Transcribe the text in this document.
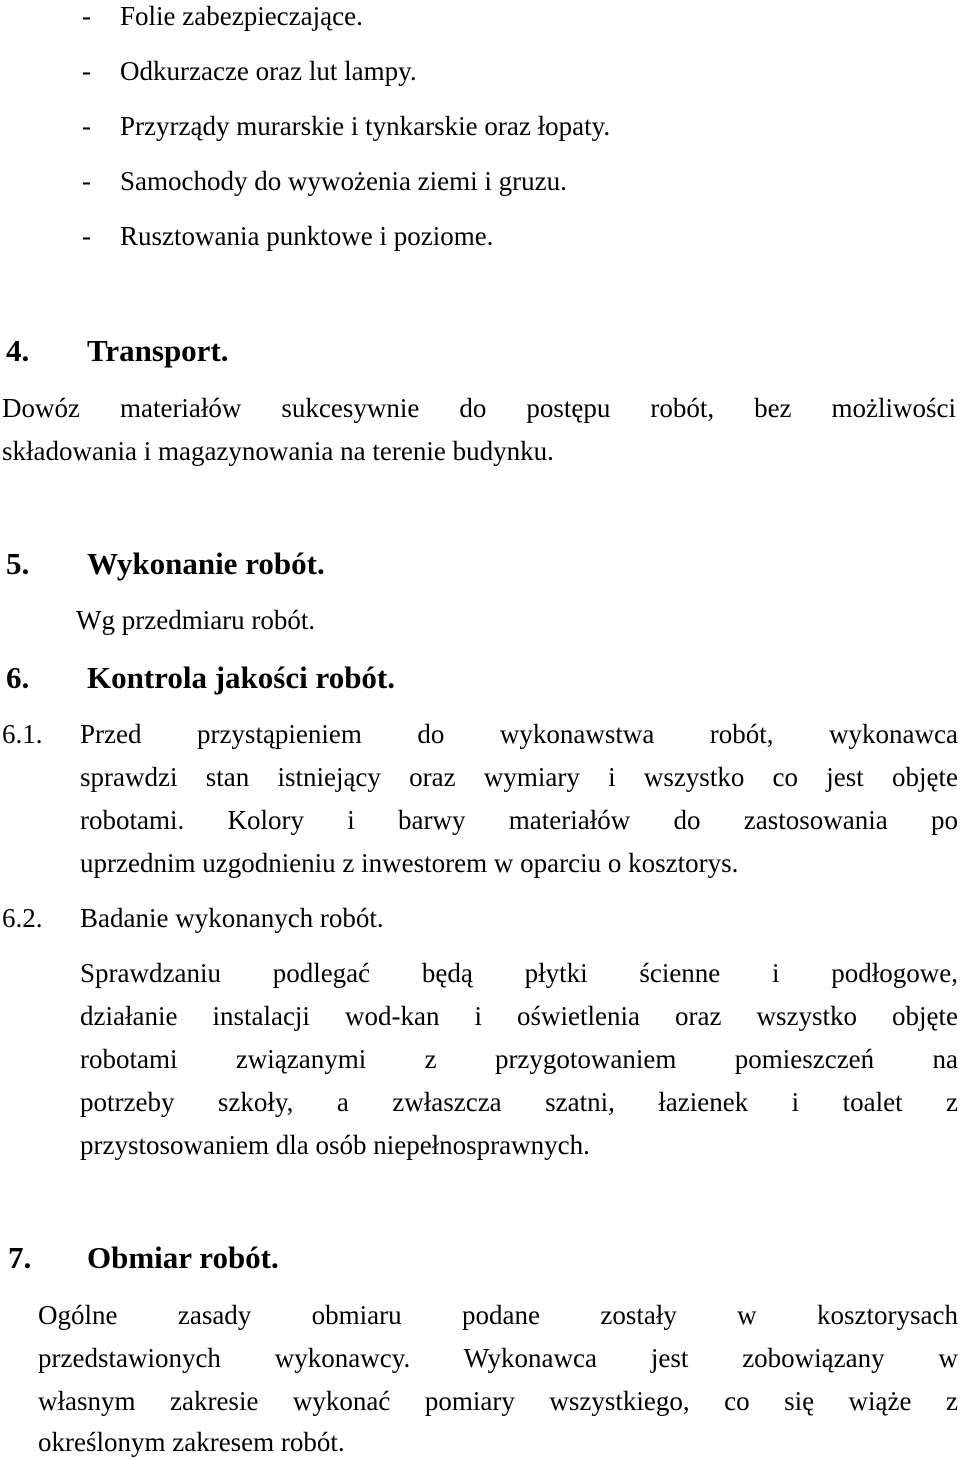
- Folie zabezpieczające.
- Odkurzacze oraz lut lampy.
- Przyrządy murarskie i tynkarskie oraz łopaty.
- Samochody do wywożenia ziemi i gruzu.
- Rusztowania punktowe i poziome.
4. Transport.
Dowóz materiałów sukcesywnie do postępu robót, bez możliwości
składowania i magazynowania na terenie budynku.
5. Wykonanie robót.
Wg przedmiaru robót.
6. Kontrola jakości robót.
6.1. Przed przystąpieniem do wykonawstwa robót, wykonawca
sprawdzi stan istniejący oraz wymiary i wszystko co jest objęte
robotami. Kolory i barwy materiałów do zastosowania po
uprzednim uzgodnieniu z inwestorem w oparciu o kosztorys.
6.2. Badanie wykonanych robót.
Sprawdzaniu podlegać będą płytki ścienne i podłogowe,
działanie instalacji wod-kan i oświetlenia oraz wszystko objęte
robotami związanymi z przygotowaniem pomieszczeń na
potrzeby szkoły, a zwłaszcza szatni, łazienek i toalet z
przystosowaniem dla osób niepełnosprawnych.
7. Obmiar robót.
Ogólne zasady obmiaru podane zostały w kosztorysach
przedstawionych wykonawcy. Wykonawca jest zobowiązany w
własnym zakresie wykonać pomiary wszystkiego, co się wiąże z
określonym zakresem robót.
